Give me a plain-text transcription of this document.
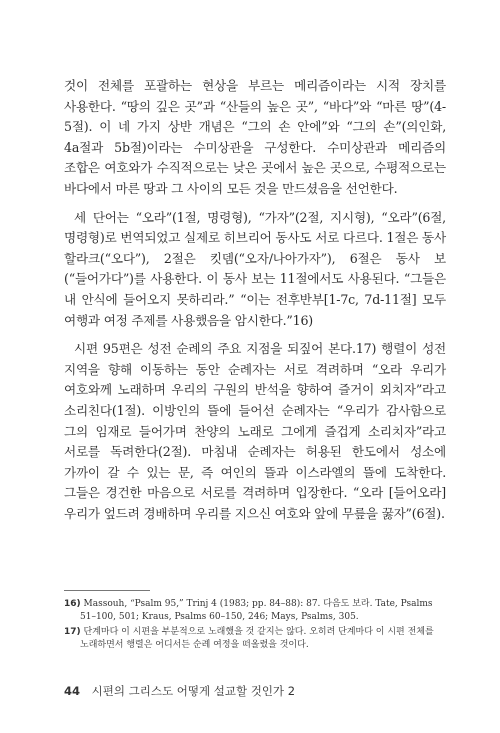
것이 전체를 포괄하는 현상을 부르는 메리즘이라는 시적 장치를 사용한다. “땅의 깊은 곳”과 “산들의 높은 곳”, “바다”와 “마른 땅”(4-5절). 이 네 가지 상반 개념은 “그의 손 안에”와 “그의 손”(의인화, 4a절과 5b절)이라는 수미상관을 구성한다. 수미상관과 메리즘의 조합은 여호와가 수직적으로는 낮은 곳에서 높은 곳으로, 수평적으로는 바다에서 마른 땅과 그 사이의 모든 것을 만드셨음을 선언한다.

세 단어는 “오라”(1절, 명령형), “가자”(2절, 지시형), “오라”(6절, 명령형)로 번역되었고 실제로 히브리어 동사도 서로 다르다. 1절은 동사 할라크(“오다”), 2절은 킷뎀(“오자/나아가자”), 6절은 동사 보(“들어가다”)를 사용한다. 이 동사 보는 11절에서도 사용된다. “그들은 내 안식에 들어오지 못하리라.” “이는 전후반부[1-7c, 7d-11절] 모두 여행과 여정 주제를 사용했음을 암시한다.”16)

시편 95편은 성전 순례의 주요 지점을 되짚어 본다.17) 행렬이 성전 지역을 향해 이동하는 동안 순례자는 서로 격려하며 “오라 우리가 여호와께 노래하며 우리의 구원의 반석을 향하여 즐거이 외치자”라고 소리친다(1절). 이방인의 뜰에 들어선 순례자는 “우리가 감사함으로 그의 임재로 들어가며 찬양의 노래로 그에게 즐겁게 소리치자”라고 서로를 독려한다(2절). 마침내 순례자는 허용된 한도에서 성소에 가까이 갈 수 있는 문, 즉 여인의 뜰과 이스라엘의 뜰에 도착한다. 그들은 경건한 마음으로 서로를 격려하며 입장한다. “오라 [들어오라] 우리가 엎드려 경배하며 우리를 지으신 여호와 앞에 무릎을 꿇자”(6절).

16) Massouh, “Psalm 95,” Trinj 4 (1983; pp. 84–88): 87. 다음도 보라. Tate, Psalms 51–100, 501; Kraus, Psalms 60–150, 246; Mays, Psalms, 305.

17) 단계마다 이 시편을 부분적으로 노래했을 것 같지는 않다. 오히려 단계마다 이 시편 전체를 노래하면서 행렬은 어디서든 순례 여정을 떠올렸을 것이다.

44 시편의 그리스도 어떻게 설교할 것인가 2
